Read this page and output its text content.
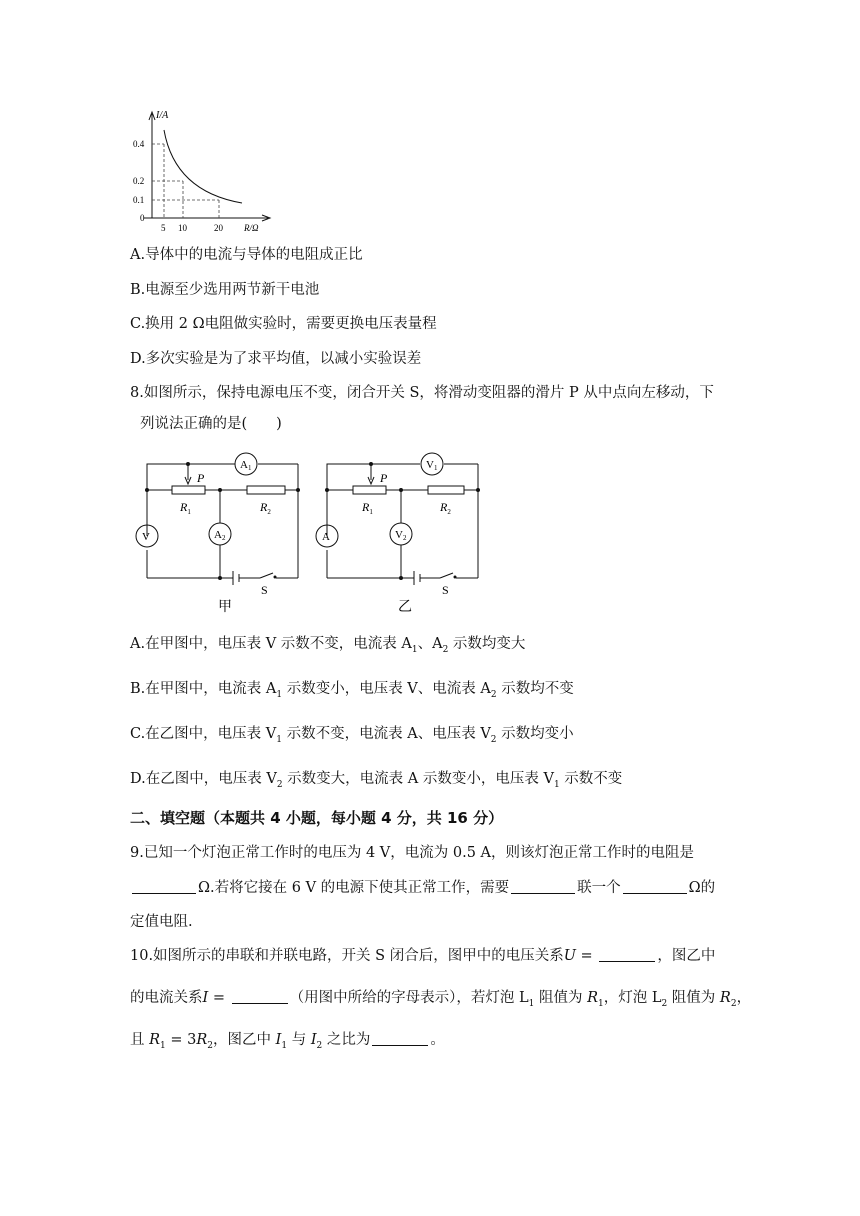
I/A
R/Ω
0.4
0.2
0.1
0
5 10	20
A.导体中的电流与导体的电阻成正比
B.电源至少选用两节新干电池
C.换用 2 Ω电阻做实验时，需要更换电压表量程
D.多次实验是为了求平均值，以减小实验误差
8.如图所示，保持电源电压不变，闭合开关 S，将滑动变阻器的滑片 P 从中点向左移动，下
列说法正确的是(　　)
A1
A2
V
P
$R_1$	$R_2$
S
甲
V1
V2
A
P
$R_1$	$R_2$
S
乙
A.在甲图中，电压表 V 示数不变，电流表 $A_1$、$A_2$ 示数均变大
B.在甲图中，电流表 $A_1$ 示数变小，电压表 V、电流表 $A_2$ 示数均不变
C.在乙图中，电压表 $V_1$ 示数不变，电流表 A、电压表 $V_2$ 示数均变小
D.在乙图中，电压表 $V_2$ 示数变大，电流表 A 示数变小，电压表 $V_1$ 示数不变
二、填空题（本题共 4 小题，每小题 4 分，共 16 分）
9.已知一个灯泡正常工作时的电压为 4 V，电流为 0.5 A，则该灯泡正常工作时的电阻是
Ω.若将它接在 6 V 的电源下使其正常工作，需要	联一个	Ω的
定值电阻.
10.如图所示的串联和并联电路，开关 S 闭合后，图甲中的电压关系U =	，图乙中
的电流关系I =	（用图中所给的字母表示），若灯泡 $L_1$ 阻值为 $R_1$，灯泡 $L_2$ 阻值为 $R_2$，
且 $R_1 = 3R_2$，图乙中 $I_1$ 与 $I_2$ 之比为	。
